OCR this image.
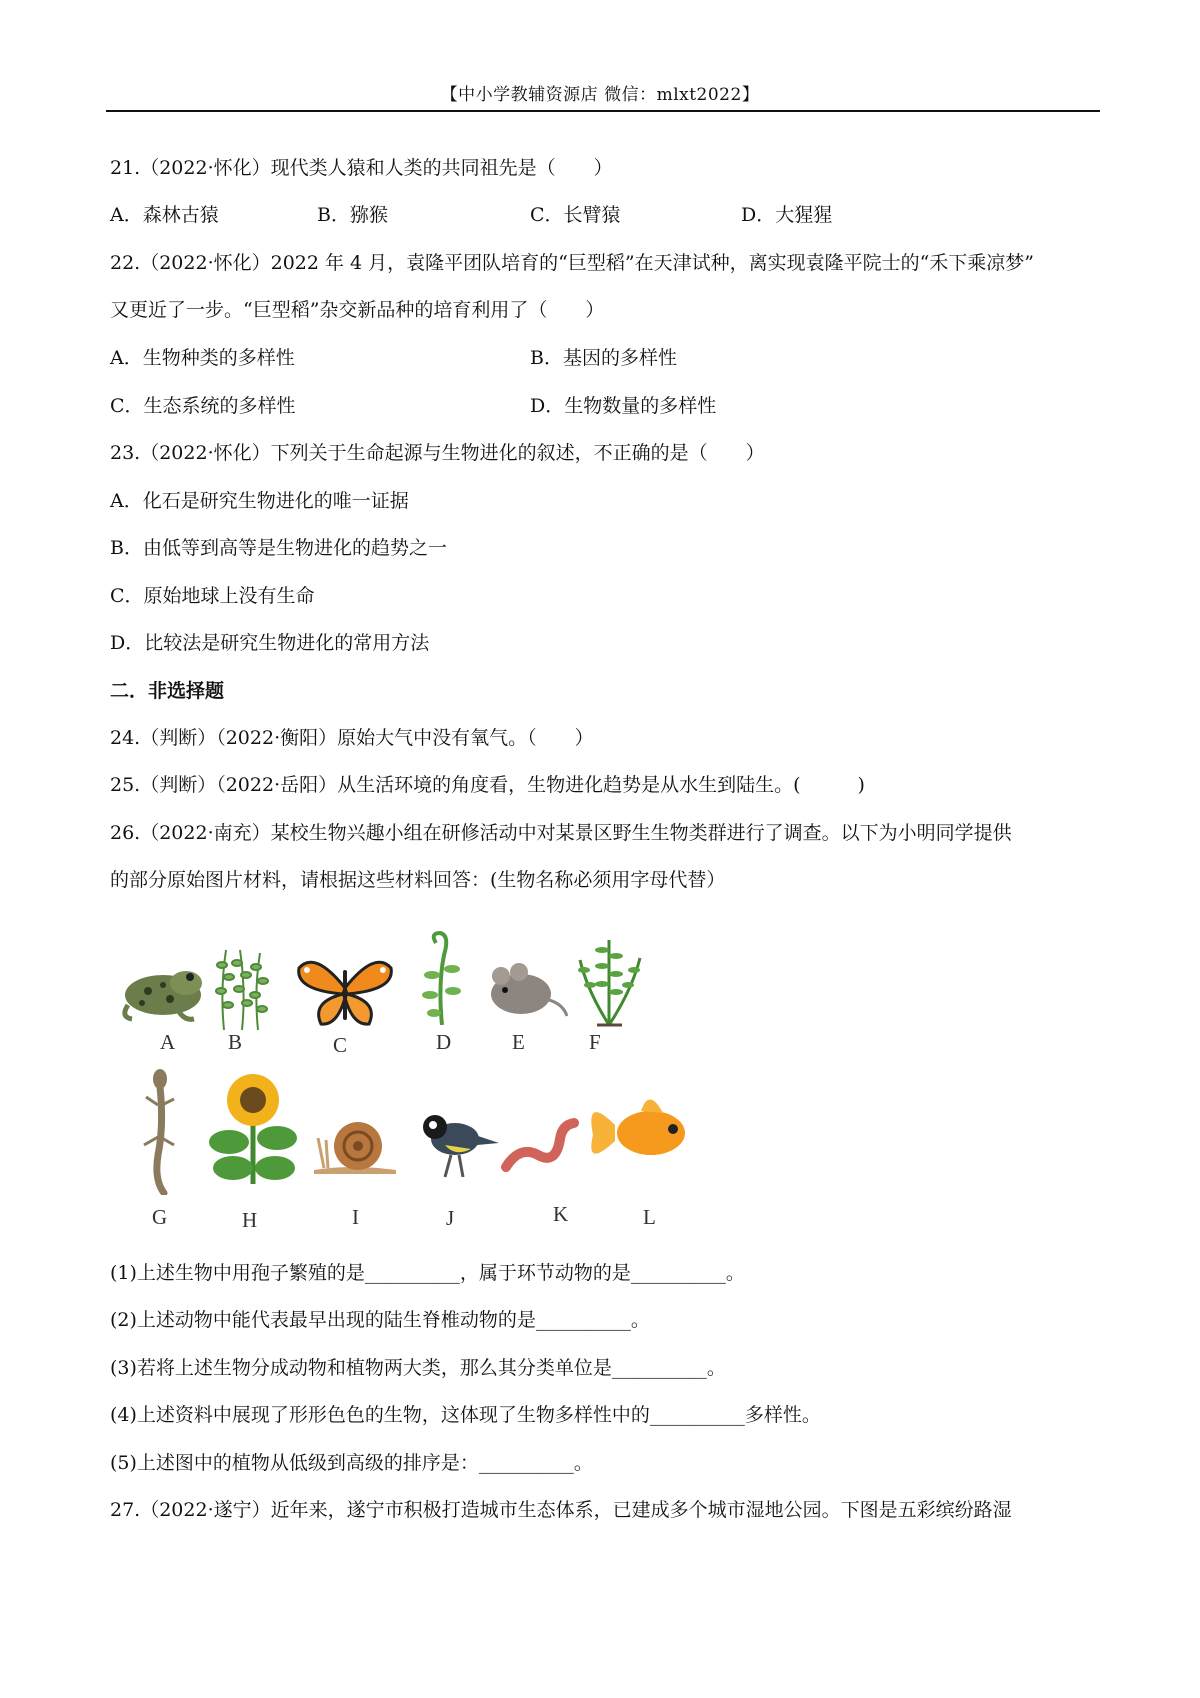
【中小学教辅资源店 微信：mlxt2022】
21.（2022·怀化）现代类人猿和人类的共同祖先是（　　）
A．森林古猿	B．猕猴	C．长臂猿	D．大猩猩
22.（2022·怀化）2022 年 4 月，袁隆平团队培育的“巨型稻”在天津试种，离实现袁隆平院士的“禾下乘凉梦”
又更近了一步。“巨型稻”杂交新品种的培育利用了（　　）
A．生物种类的多样性	B．基因的多样性
C．生态系统的多样性	D．生物数量的多样性
23.（2022·怀化）下列关于生命起源与生物进化的叙述，不正确的是（　　）
A．化石是研究生物进化的唯一证据
B．由低等到高等是生物进化的趋势之一
C．原始地球上没有生命
D．比较法是研究生物进化的常用方法
二．非选择题
24.（判断）（2022·衡阳）原始大气中没有氧气。（　　）
25.（判断）（2022·岳阳）从生活环境的角度看，生物进化趋势是从水生到陆生。(　　　)
26.（2022·南充）某校生物兴趣小组在研修活动中对某景区野生生物类群进行了调查。以下为小明同学提供
的部分原始图片材料，请根据这些材料回答：(生物名称必须用字母代替）
A	B	C	D	E	F
G	H	I	J	K	L
(1)上述生物中用孢子繁殖的是__________，属于环节动物的是__________。
(2)上述动物中能代表最早出现的陆生脊椎动物的是__________。
(3)若将上述生物分成动物和植物两大类，那么其分类单位是__________。
(4)上述资料中展现了形形色色的生物，这体现了生物多样性中的__________多样性。
(5)上述图中的植物从低级到高级的排序是：__________。
27.（2022·遂宁）近年来，遂宁市积极打造城市生态体系，已建成多个城市湿地公园。下图是五彩缤纷路湿
